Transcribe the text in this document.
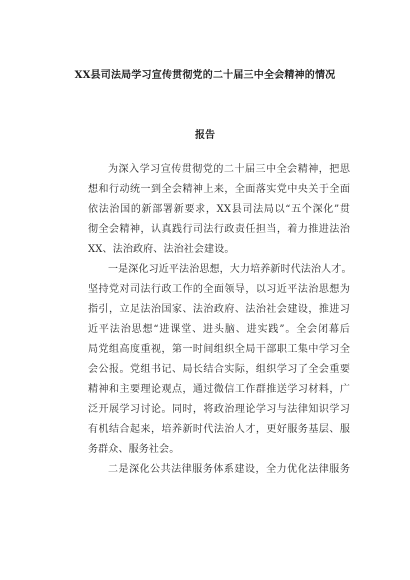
XX县司法局学习宣传贯彻党的二十届三中全会精神的情况
报告
为深入学习宣传贯彻党的二十届三中全会精神，把思
想和行动统一到全会精神上来，全面落实党中央关于全面
依法治国的新部署新要求，XX县司法局以“五个深化”贯
彻全会精神，认真践行司法行政责任担当，着力推进法治
XX、法治政府、法治社会建设。
一是深化习近平法治思想，大力培养新时代法治人才。
坚持党对司法行政工作的全面领导，以习近平法治思想为
指引，立足法治国家、法治政府、法治社会建设，推进习
近平法治思想“进课堂、进头脑、进实践”。全会闭幕后
局党组高度重视，第一时间组织全局干部职工集中学习全
会公报。党组书记、局长结合实际，组织学习了全会重要
精神和主要理论观点，通过微信工作群推送学习材料，广
泛开展学习讨论。同时，将政治理论学习与法律知识学习
有机结合起来，培养新时代法治人才，更好服务基层、服
务群众、服务社会。
二是深化公共法律服务体系建设，全力优化法律服务
